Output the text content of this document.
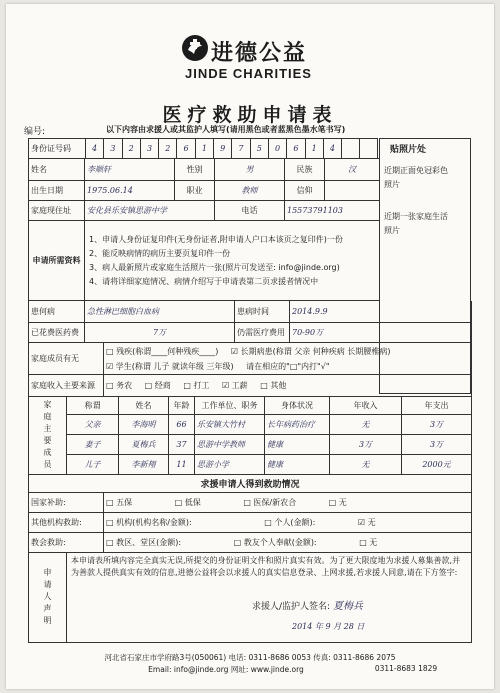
进德公益
JINDE CHARITIES
医疗救助申请表
编号:	以下内容由求援人或其监护人填写(请用黑色或者蓝黑色墨水笔书写)
身份证号码	4	3	2	3	2	6	1	9	7	5	0	6	1	4			
姓名	李顺轩	性别	男	民族	汉
出生日期	1975.06.14	职业	教师	信仰	
家庭现住址	安化县乐安镇思游中学		电话	15573791103	
申请所需资料	1、申请人身份证复印件(无身份证者,附申请人户口本该页之复印件)一份
2、能反映病情的病历主要页复印件一份
3、病人最新照片或家庭生活照片一张(照片可发送至: info@jinde.org)
4、请将详细家庭情况、病情介绍写于申请表第二页求援者情况中				
贴照片处
近期正面免冠彩色
照片
近期一张家庭生活
照片
患何病	急性淋巴细胞白血病	患病时间	2014.9.9	
已花费医药费	7万	仍需医疗费用	70-90万	
家庭成员有无	□ 残疾(称谓____何种残疾____) ☑ 长期病患(称谓 父亲 何种疾病 长期腰椎病)
☑ 学生(称谓 儿子 就读年级 三年级) 请在相应的"□"内打"√"
家庭收入主要来源	□ 务农 □ 经商 □ 打工 ☑ 工薪 □ 其他
家庭主要成员	称谓	姓名	年龄	工作单位、职务	身体状况	年收入	年支出
	父亲	李海明	66	乐安镇大竹村	长年病药治疗	无	3万
	妻子	夏梅兵	37	思游中学教师	健康	3万	3万
	儿子	李新翔	11	思游小学	健康	无	2000元
求援申请人得到救助情况	
国家补助:	□ 五保 □ 低保 □ 医保/新农合 □ 无
其他机构救助:	□ 机构(机构名称/金额): □ 个人(金额): ☑ 无
教会救助:	□ 教区、堂区(金额): □ 教友个人奉献(金额): □ 无
申请人声明	
本申请表所填内容完全真实无误,所提交的身份证明文件和照片真实有效。为了更大限度地为求援人募集善款,并为善款人提供真实有效的信息,进德公益将会以求援人的真实信息登录、上网求援,若求援人同意,请在下方签字:
求援人/监护人签名: 夏梅兵
2014 年 9 月 28 日
河北省石家庄市学府路3号(050061) 电话: 0311-8686 0053 传真: 0311-8686 2075
Email: info@jinde.org 网址: www.jinde.org	0311-8683 1829
